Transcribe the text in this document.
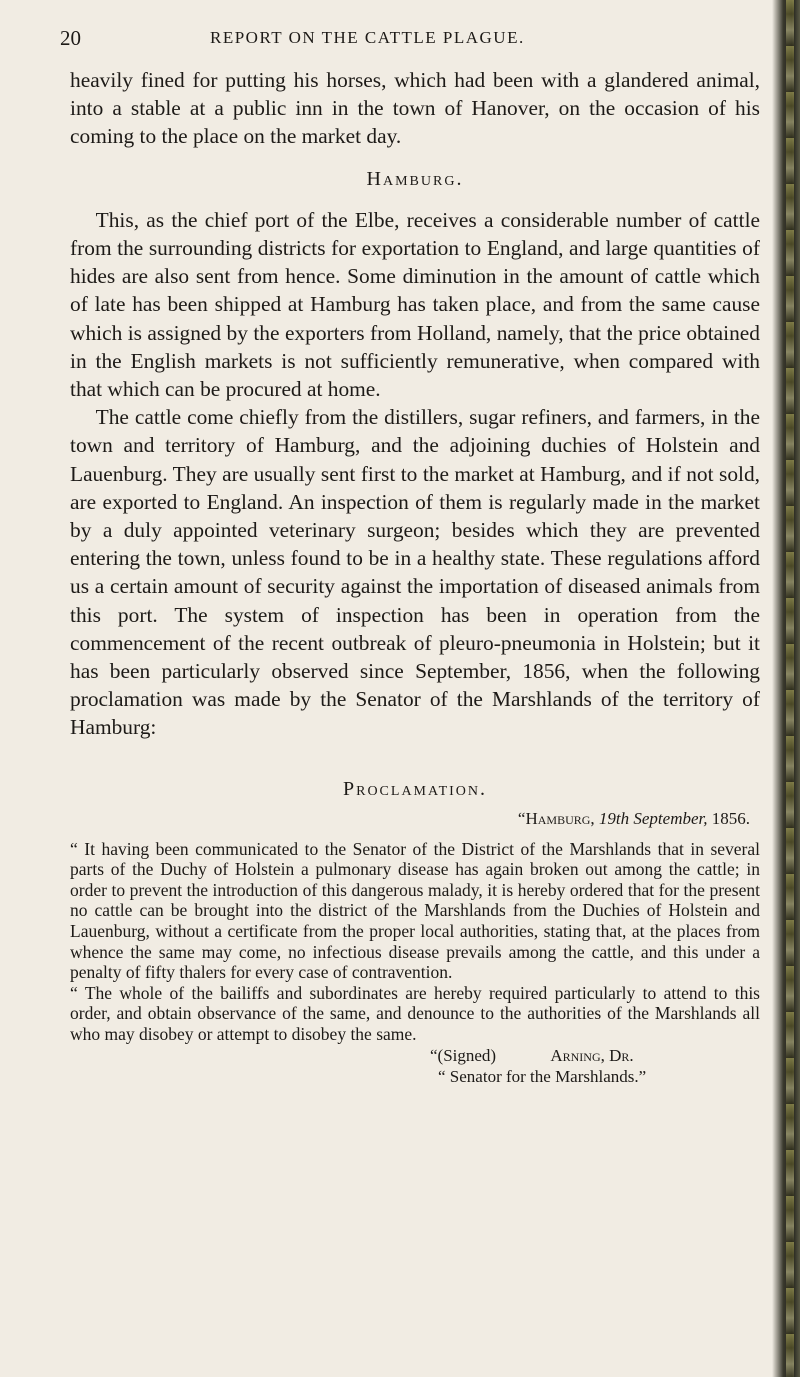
20	REPORT ON THE CATTLE PLAGUE.

heavily fined for putting his horses, which had been with a glandered animal, into a stable at a public inn in the town of Hanover, on the occasion of his coming to the place on the market day.

Hamburg.

This, as the chief port of the Elbe, receives a considerable number of cattle from the surrounding districts for exportation to England, and large quantities of hides are also sent from hence. Some diminution in the amount of cattle which of late has been shipped at Hamburg has taken place, and from the same cause which is assigned by the exporters from Holland, namely, that the price obtained in the English markets is not sufficiently remunerative, when compared with that which can be procured at home.

The cattle come chiefly from the distillers, sugar refiners, and farmers, in the town and territory of Hamburg, and the adjoining duchies of Holstein and Lauenburg. They are usually sent first to the market at Hamburg, and if not sold, are exported to England. An inspection of them is regularly made in the market by a duly appointed veterinary surgeon; besides which they are prevented entering the town, unless found to be in a healthy state. These regulations afford us a certain amount of security against the importation of diseased animals from this port. The system of inspection has been in operation from the commencement of the recent outbreak of pleuro-pneumonia in Holstein; but it has been particularly observed since September, 1856, when the following proclamation was made by the Senator of the Marshlands of the territory of Hamburg:

Proclamation.
“Hamburg, 19th September, 1856.

“ It having been communicated to the Senator of the District of the Marshlands that in several parts of the Duchy of Holstein a pulmonary disease has again broken out among the cattle; in order to prevent the introduction of this dangerous malady, it is hereby ordered that for the present no cattle can be brought into the district of the Marshlands from the Duchies of Holstein and Lauenburg, without a certificate from the proper local authorities, stating that, at the places from whence the same may come, no infectious disease prevails among the cattle, and this under a penalty of fifty thalers for every case of contravention.

“ The whole of the bailiffs and subordinates are hereby required particularly to attend to this order, and obtain observance of the same, and denounce to the authorities of the Marshlands all who may disobey or attempt to disobey the same.

“(Signed)	Arning, Dr.
“ Senator for the Marshlands.”
